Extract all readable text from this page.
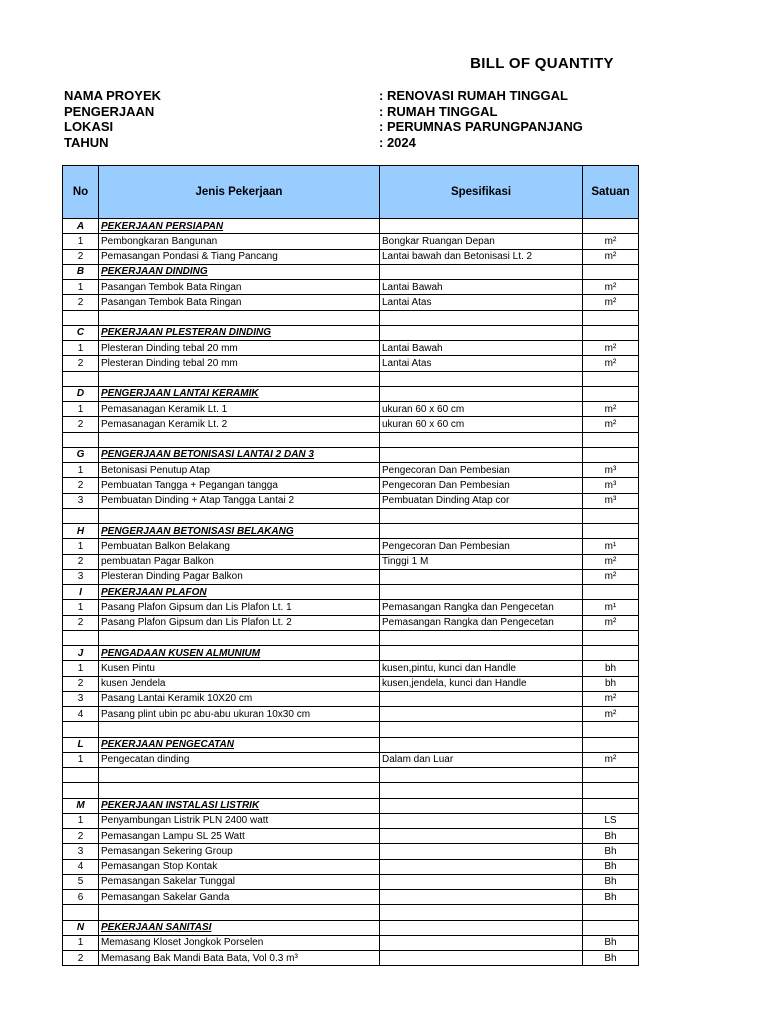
BILL OF QUANTITY
NAMA PROYEK	: RENOVASI RUMAH TINGGAL
PENGERJAAN	: RUMAH TINGGAL
LOKASI	: PERUMNAS PARUNGPANJANG
TAHUN	: 2024
No	Jenis Pekerjaan	Spesifikasi	Satuan
A	PEKERJAAN PERSIAPAN		
1	Pembongkaran Bangunan	Bongkar Ruangan Depan	m²
2	Pemasangan Pondasi & Tiang Pancang	Lantai bawah dan Betonisasi Lt. 2	m²
B	PEKERJAAN DINDING		
1	Pasangan Tembok Bata Ringan	Lantai Bawah	m²
2	Pasangan Tembok Bata Ringan	Lantai Atas	m²

C	PEKERJAAN PLESTERAN DINDING		
1	Plesteran Dinding tebal 20 mm	Lantai Bawah	m²
2	Plesteran Dinding tebal 20 mm	Lantai Atas	m²

D	PENGERJAAN LANTAI KERAMIK		
1	Pemasanagan Keramik Lt. 1	ukuran 60 x 60 cm	m²
2	Pemasanagan Keramik Lt. 2	ukuran 60 x 60 cm	m²

G	PENGERJAAN BETONISASI LANTAI 2 DAN 3		
1	Betonisasi Penutup Atap	Pengecoran Dan Pembesian	m³
2	Pembuatan Tangga + Pegangan tangga	Pengecoran Dan Pembesian	m³
3	Pembuatan Dinding + Atap Tangga Lantai 2	Pembuatan Dinding Atap cor	m³

H	PENGERJAAN BETONISASI BELAKANG		
1	Pembuatan Balkon Belakang	Pengecoran Dan Pembesian	m¹
2	pembuatan Pagar Balkon	Tinggi 1 M	m²
3	Plesteran Dinding Pagar Balkon		m²
I	PEKERJAAN PLAFON		
1	Pasang Plafon Gipsum dan Lis Plafon Lt. 1	Pemasangan Rangka dan Pengecetan	m¹
2	Pasang Plafon Gipsum dan Lis Plafon Lt. 2	Pemasangan Rangka dan Pengecetan	m²

J	PENGADAAN KUSEN ALMUNIUM		
1	Kusen Pintu	kusen,pintu, kunci dan Handle	bh
2	kusen Jendela	kusen,jendela, kunci dan Handle	bh
3	Pasang Lantai Keramik 10X20 cm		m²
4	Pasang plint ubin pc abu-abu ukuran 10x30 cm		m²

L	PEKERJAAN PENGECATAN		
1	Pengecatan dinding	Dalam dan Luar	m²

M	PEKERJAAN INSTALASI LISTRIK		
1	Penyambungan Listrik PLN 2400 watt		LS
2	Pemasangan Lampu SL 25 Watt		Bh
3	Pemasangan Sekering Group		Bh
4	Pemasangan Stop Kontak		Bh
5	Pemasangan Sakelar Tunggal		Bh
6	Pemasangan Sakelar Ganda		Bh

N	PEKERJAAN SANITASI		
1	Memasang Kloset Jongkok Porselen		Bh
2	Memasang Bak Mandi Bata Bata, Vol 0.3 m³		Bh
